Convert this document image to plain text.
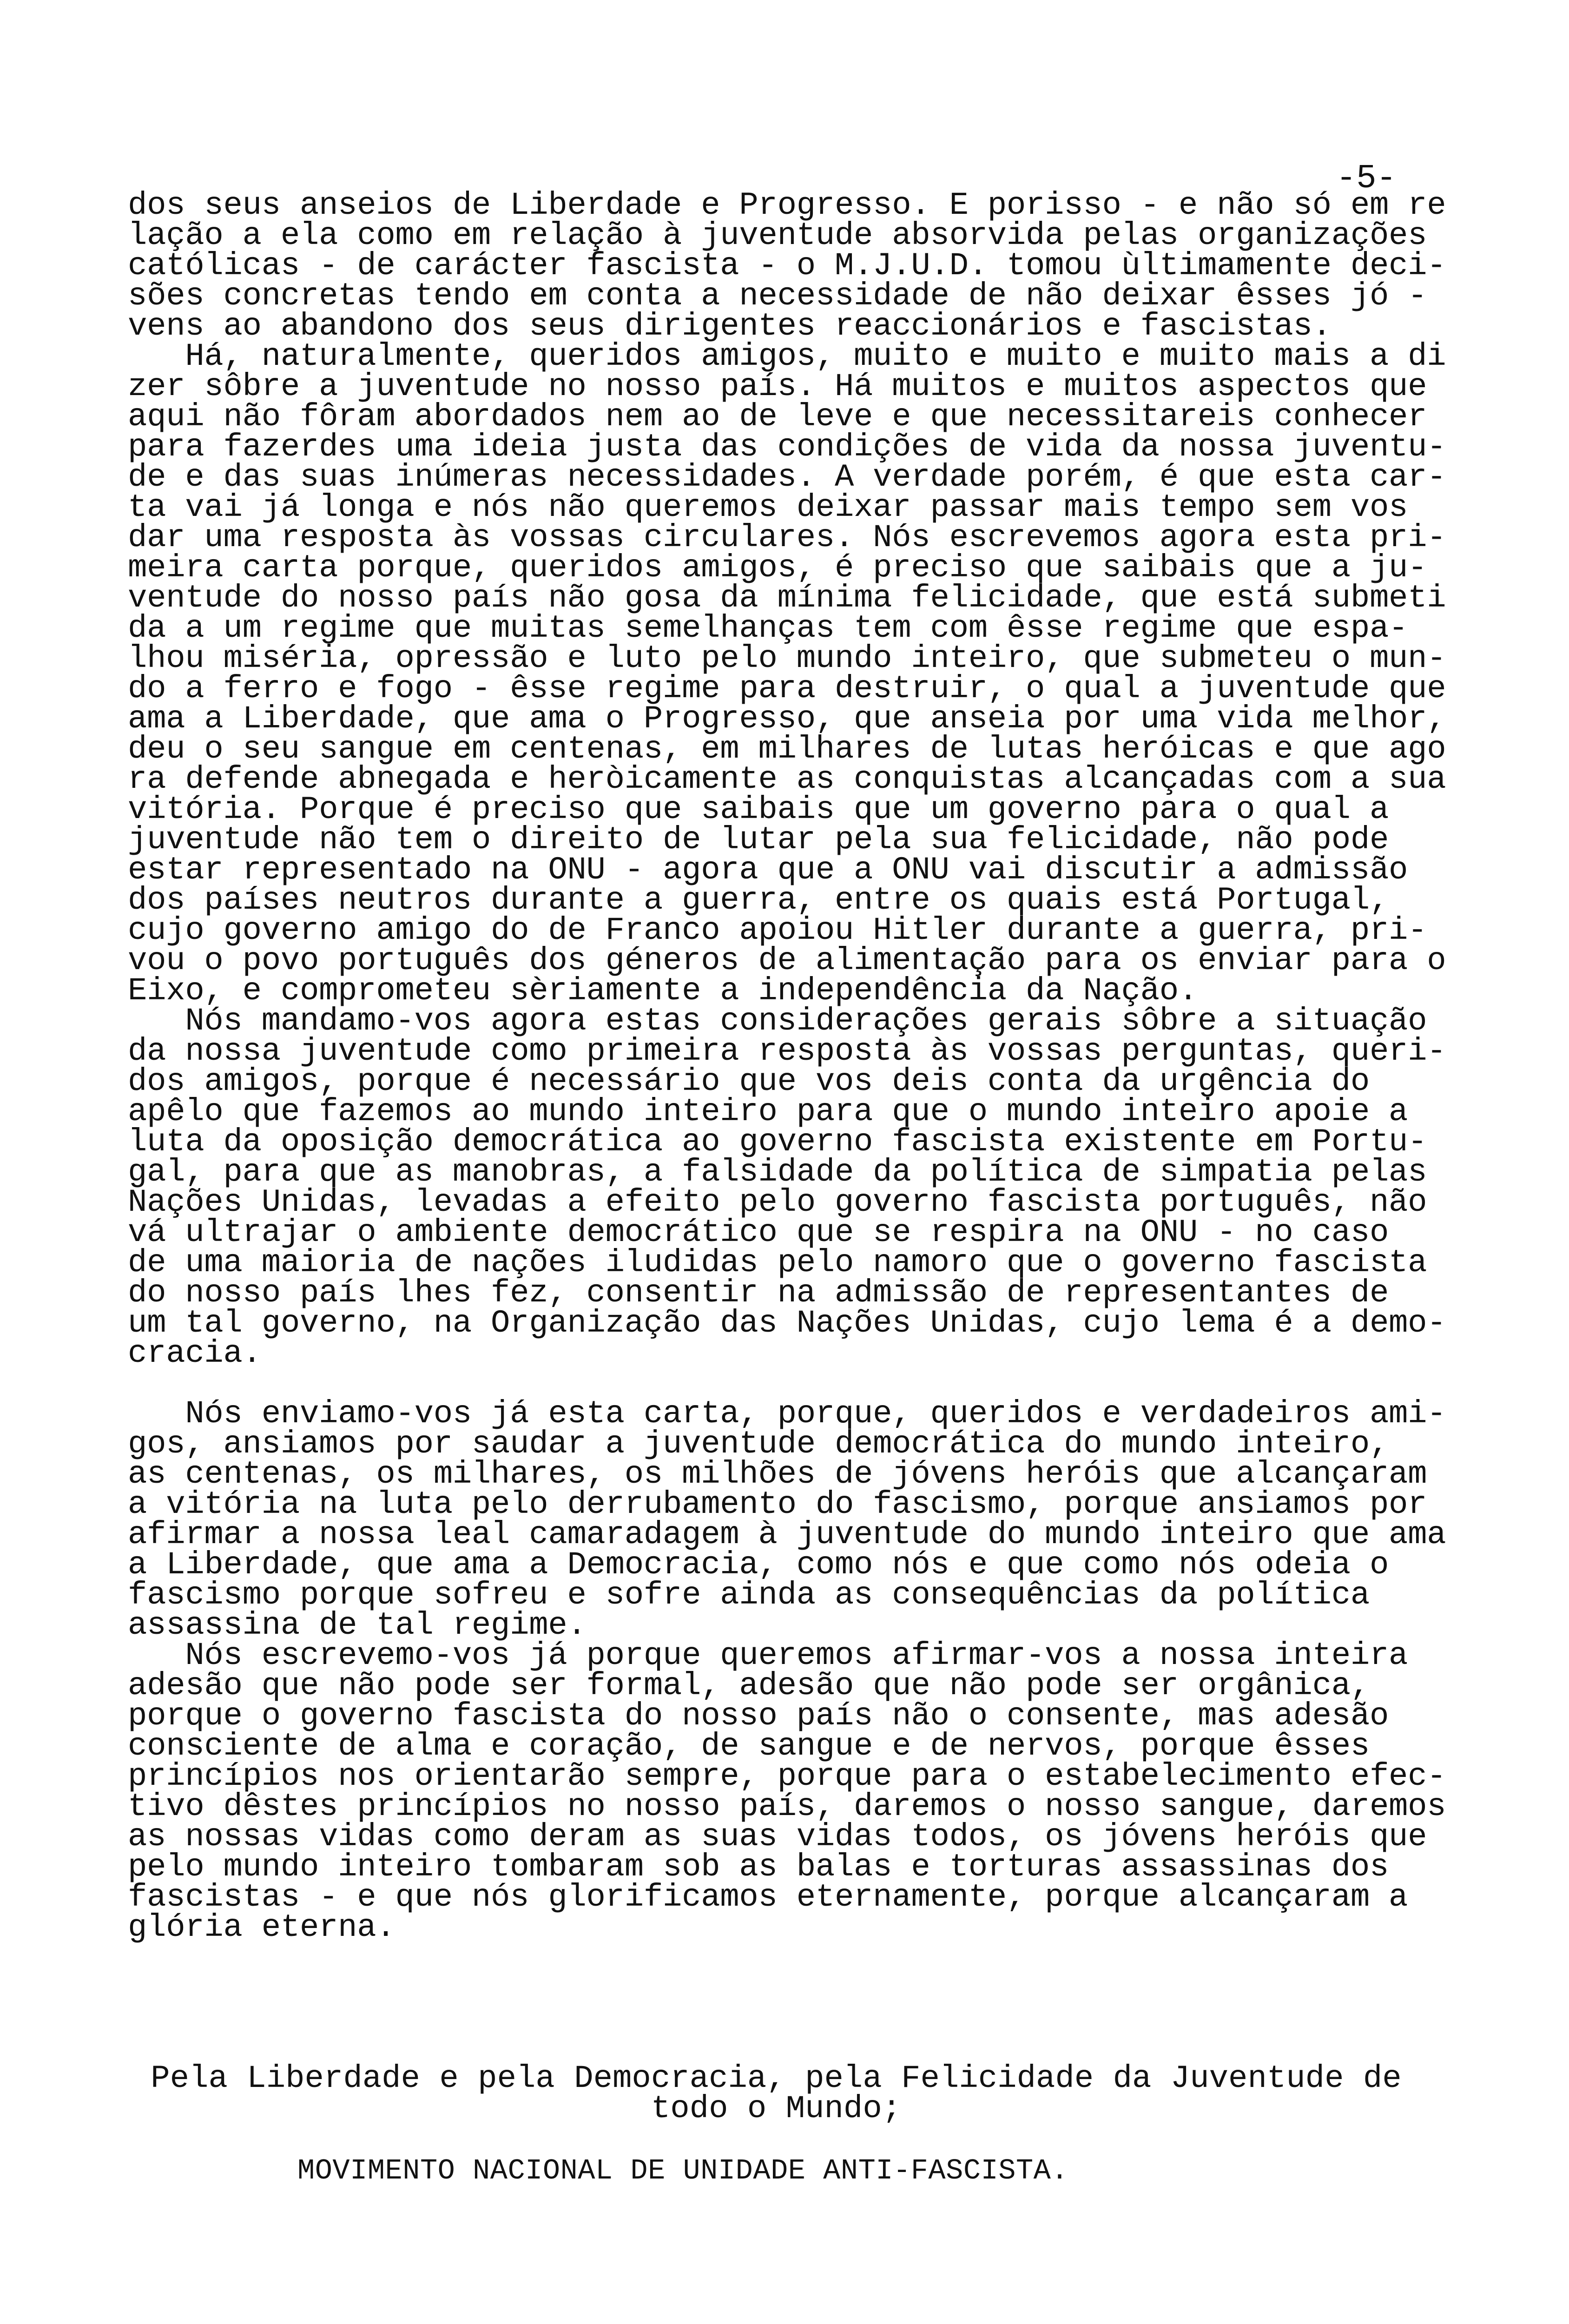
-5-
dos seus anseios de Liberdade e Progresso. E porisso - e não só em re
lação a ela como em relação à juventude absorvida pelas organizações
católicas - de carácter fascista - o M.J.U.D. tomou ùltimamente deci-
sões concretas tendo em conta a necessidade de não deixar êsses jó -
vens ao abandono dos seus dirigentes reaccionários e fascistas.
Há, naturalmente, queridos amigos, muito e muito e muito mais a di
zer sôbre a juventude no nosso país. Há muitos e muitos aspectos que
aqui não fôram abordados nem ao de leve e que necessitareis conhecer
para fazerdes uma ideia justa das condições de vida da nossa juventu-
de e das suas inúmeras necessidades. A verdade porém, é que esta car-
ta vai já longa e nós não queremos deixar passar mais tempo sem vos
dar uma resposta às vossas circulares. Nós escrevemos agora esta pri-
meira carta porque, queridos amigos, é preciso que saibais que a ju-
ventude do nosso país não gosa da mínima felicidade, que está submeti
da a um regime que muitas semelhanças tem com êsse regime que espa-
lhou miséria, opressão e luto pelo mundo inteiro, que submeteu o mun-
do a ferro e fogo - êsse regime para destruir, o qual a juventude que
ama a Liberdade, que ama o Progresso, que anseia por uma vida melhor,
deu o seu sangue em centenas, em milhares de lutas heróicas e que ago
ra defende abnegada e heròicamente as conquistas alcançadas com a sua
vitória. Porque é preciso que saibais que um governo para o qual a
juventude não tem o direito de lutar pela sua felicidade, não pode
estar representado na ONU - agora que a ONU vai discutir a admissão
dos países neutros durante a guerra, entre os quais está Portugal,
cujo governo amigo do de Franco apoiou Hitler durante a guerra, pri-
vou o povo português dos géneros de alimentação para os enviar para o
Eixo, e comprometeu sèriamente a independência da Nação.
Nós mandamo-vos agora estas considerações gerais sôbre a situação
da nossa juventude como primeira resposta às vossas perguntas, queri-
dos amigos, porque é necessário que vos deis conta da urgência do
apêlo que fazemos ao mundo inteiro para que o mundo inteiro apoie a
luta da oposição democrática ao governo fascista existente em Portu-
gal, para que as manobras, a falsidade da política de simpatia pelas
Nações Unidas, levadas a efeito pelo governo fascista português, não
vá ultrajar o ambiente democrático que se respira na ONU - no caso
de uma maioria de nações iludidas pelo namoro que o governo fascista
do nosso país lhes fez, consentir na admissão de representantes de
um tal governo, na Organização das Nações Unidas, cujo lema é a demo-
cracia.
Nós enviamo-vos já esta carta, porque, queridos e verdadeiros ami-
gos, ansiamos por saudar a juventude democrática do mundo inteiro,
as centenas, os milhares, os milhões de jóvens heróis que alcançaram
a vitória na luta pelo derrubamento do fascismo, porque ansiamos por
afirmar a nossa leal camaradagem à juventude do mundo inteiro que ama
a Liberdade, que ama a Democracia, como nós e que como nós odeia o
fascismo porque sofreu e sofre ainda as consequências da política
assassina de tal regime.
Nós escrevemo-vos já porque queremos afirmar-vos a nossa inteira
adesão que não pode ser formal, adesão que não pode ser orgânica,
porque o governo fascista do nosso país não o consente, mas adesão
consciente de alma e coração, de sangue e de nervos, porque êsses
princípios nos orientarão sempre, porque para o estabelecimento efec-
tivo dêstes princípios no nosso país, daremos o nosso sangue, daremos
as nossas vidas como deram as suas vidas todos, os jóvens heróis que
pelo mundo inteiro tombaram sob as balas e torturas assassinas dos
fascistas - e que nós glorificamos eternamente, porque alcançaram a
glória eterna.
Pela Liberdade e pela Democracia, pela Felicidade da Juventude de
todo o Mundo;
MOVIMENTO NACIONAL DE UNIDADE ANTI-FASCISTA.
